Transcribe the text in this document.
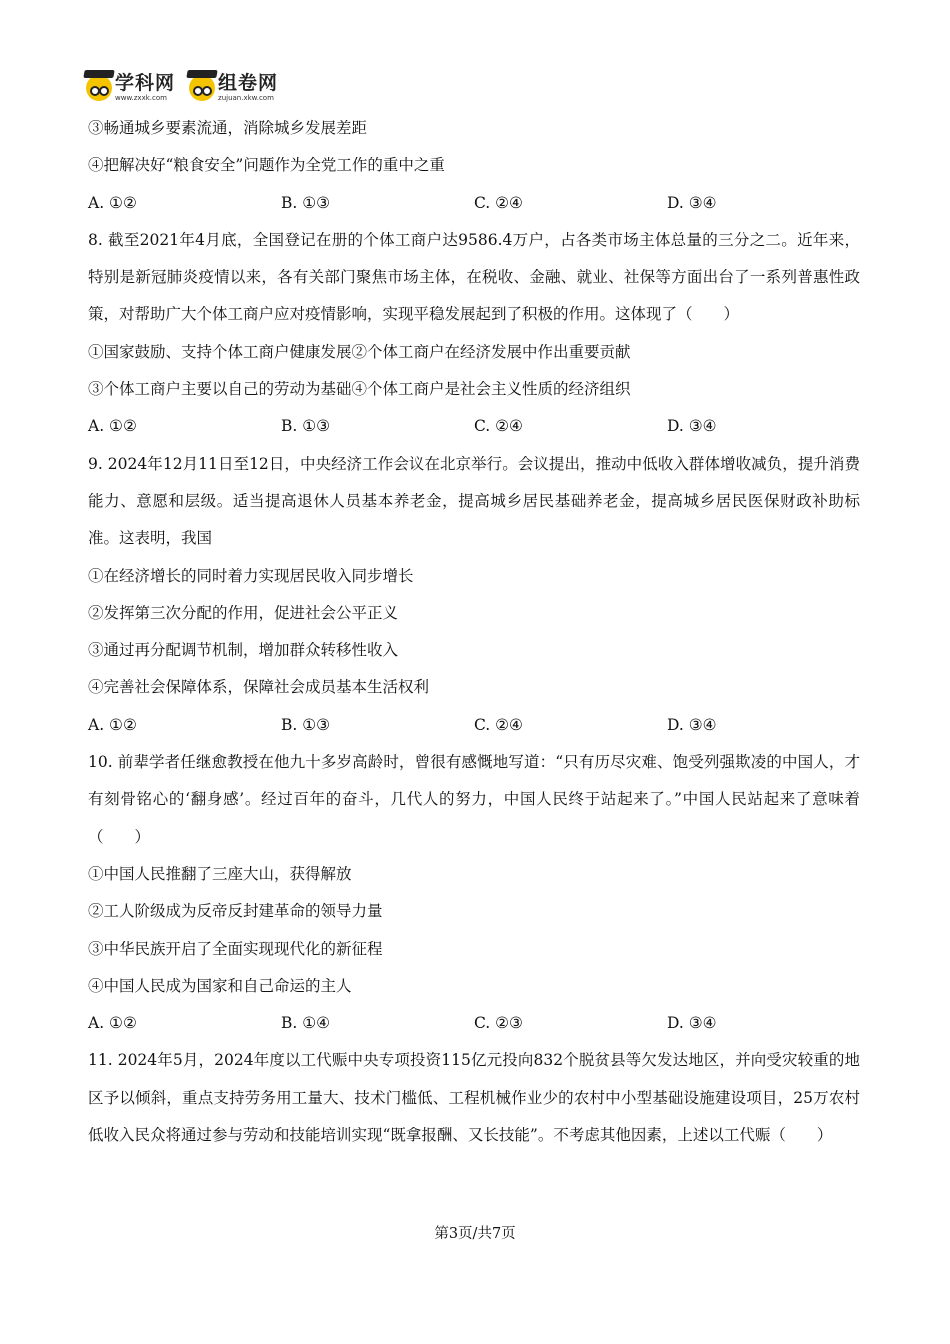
学科网
www.zxxk.com
组卷网
zujuan.xkw.com
③畅通城乡要素流通，消除城乡发展差距
④把解决好“粮食安全”问题作为全党工作的重中之重
A. ①②	B. ①③	C. ②④	D. ③④
8. 截至2021年4月底，全国登记在册的个体工商户达9586.4万户，占各类市场主体总量的三分之二。近年来，特别是新冠肺炎疫情以来，各有关部门聚焦市场主体，在税收、金融、就业、社保等方面出台了一系列普惠性政策，对帮助广大个体工商户应对疫情影响，实现平稳发展起到了积极的作用。这体现了（　　）
①国家鼓励、支持个体工商户健康发展②个体工商户在经济发展中作出重要贡献
③个体工商户主要以自己的劳动为基础④个体工商户是社会主义性质的经济组织
A. ①②	B. ①③	C. ②④	D. ③④
9. 2024年12月11日至12日，中央经济工作会议在北京举行。会议提出，推动中低收入群体增收减负，提升消费能力、意愿和层级。适当提高退休人员基本养老金，提高城乡居民基础养老金，提高城乡居民医保财政补助标准。这表明，我国
①在经济增长的同时着力实现居民收入同步增长
②发挥第三次分配的作用，促进社会公平正义
③通过再分配调节机制，增加群众转移性收入
④完善社会保障体系，保障社会成员基本生活权利
A. ①②	B. ①③	C. ②④	D. ③④
10. 前辈学者任继愈教授在他九十多岁高龄时，曾很有感慨地写道：“只有历尽灾难、饱受列强欺凌的中国人，才有刻骨铭心的‘翻身感’。经过百年的奋斗，几代人的努力，中国人民终于站起来了。”中国人民站起来了意味着（　　）
①中国人民推翻了三座大山，获得解放
②工人阶级成为反帝反封建革命的领导力量
③中华民族开启了全面实现现代化的新征程
④中国人民成为国家和自己命运的主人
A. ①②	B. ①④	C. ②③	D. ③④
11. 2024年5月，2024年度以工代赈中央专项投资115亿元投向832个脱贫县等欠发达地区，并向受灾较重的地区予以倾斜，重点支持劳务用工量大、技术门槛低、工程机械作业少的农村中小型基础设施建设项目，25万农村低收入民众将通过参与劳动和技能培训实现“既拿报酬、又长技能”。不考虑其他因素，上述以工代赈（　　）
第3页/共7页
